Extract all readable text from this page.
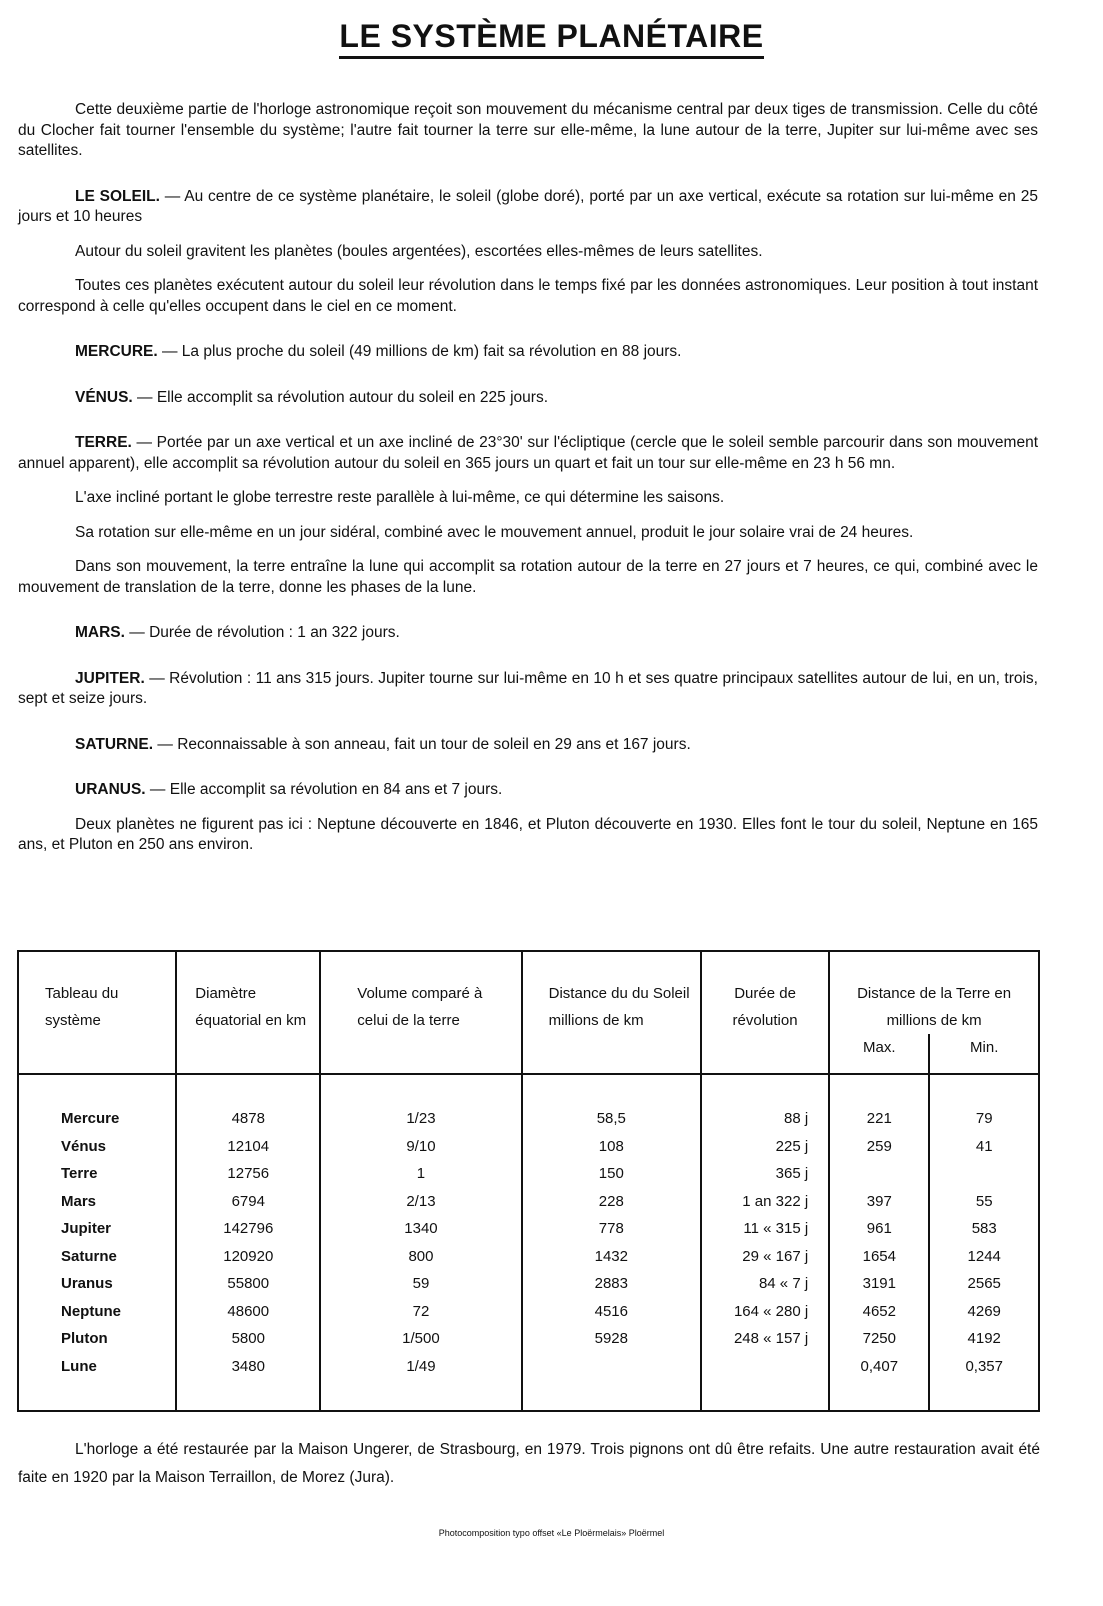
LE SYSTÈME PLANÉTAIRE

Cette deuxième partie de l'horloge astronomique reçoit son mouvement du mécanisme central par deux tiges de transmission. Celle du côté du Clocher fait tourner l'ensemble du système; l'autre fait tourner la terre sur elle-même, la lune autour de la terre, Jupiter sur lui-même avec ses satellites.

LE SOLEIL. — Au centre de ce système planétaire, le soleil (globe doré), porté par un axe vertical, exécute sa rotation sur lui-même en 25 jours et 10 heures

Autour du soleil gravitent les planètes (boules argentées), escortées elles-mêmes de leurs satellites.

Toutes ces planètes exécutent autour du soleil leur révolution dans le temps fixé par les données astronomiques. Leur position à tout instant correspond à celle qu'elles occupent dans le ciel en ce moment.

MERCURE. — La plus proche du soleil (49 millions de km) fait sa révolution en 88 jours.

VÉNUS. — Elle accomplit sa révolution autour du soleil en 225 jours.

TERRE. — Portée par un axe vertical et un axe incliné de 23°30' sur l'écliptique (cercle que le soleil semble parcourir dans son mouvement annuel apparent), elle accomplit sa révolution autour du soleil en 365 jours un quart et fait un tour sur elle-même en 23 h 56 mn.

L'axe incliné portant le globe terrestre reste parallèle à lui-même, ce qui détermine les saisons.

Sa rotation sur elle-même en un jour sidéral, combiné avec le mouvement annuel, produit le jour solaire vrai de 24 heures.

Dans son mouvement, la terre entraîne la lune qui accomplit sa rotation autour de la terre en 27 jours et 7 heures, ce qui, combiné avec le mouvement de translation de la terre, donne les phases de la lune.

MARS. — Durée de révolution : 1 an 322 jours.

JUPITER. — Révolution : 11 ans 315 jours. Jupiter tourne sur lui-même en 10 h et ses quatre principaux satellites autour de lui, en un, trois, sept et seize jours.

SATURNE. — Reconnaissable à son anneau, fait un tour de soleil en 29 ans et 167 jours.

URANUS. — Elle accomplit sa révolution en 84 ans et 7 jours.

Deux planètes ne figurent pas ici : Neptune découverte en 1846, et Pluton découverte en 1930. Elles font le tour du soleil, Neptune en 165 ans, et Pluton en 250 ans environ.

Tableau du système	Diamètre équatorial en km	Volume comparé à celui de la terre	Distance du du Soleil millions de km	Durée de révolution	Distance de la Terre en millions de km	
					Max.	Min.
Mercure	4878	1/23	58,5	88 j	221	79
Vénus	12104	9/10	108	225 j	259	41
Terre	12756	1	150	365 j		
Mars	6794	2/13	228	1 an 322 j	397	55
Jupiter	142796	1340	778	11 « 315 j	961	583
Saturne	120920	800	1432	29 « 167 j	1654	1244
Uranus	55800	59	2883	84 « 7 j	3191	2565
Neptune	48600	72	4516	164 « 280 j	4652	4269
Pluton	5800	1/500	5928	248 « 157 j	7250	4192
Lune	3480	1/49			0,407	0,357

L'horloge a été restaurée par la Maison Ungerer, de Strasbourg, en 1979. Trois pignons ont dû être refaits. Une autre restauration avait été faite en 1920 par la Maison Terraillon, de Morez (Jura).

Photocomposition typo offset «Le Ploërmelais» Ploërmel
